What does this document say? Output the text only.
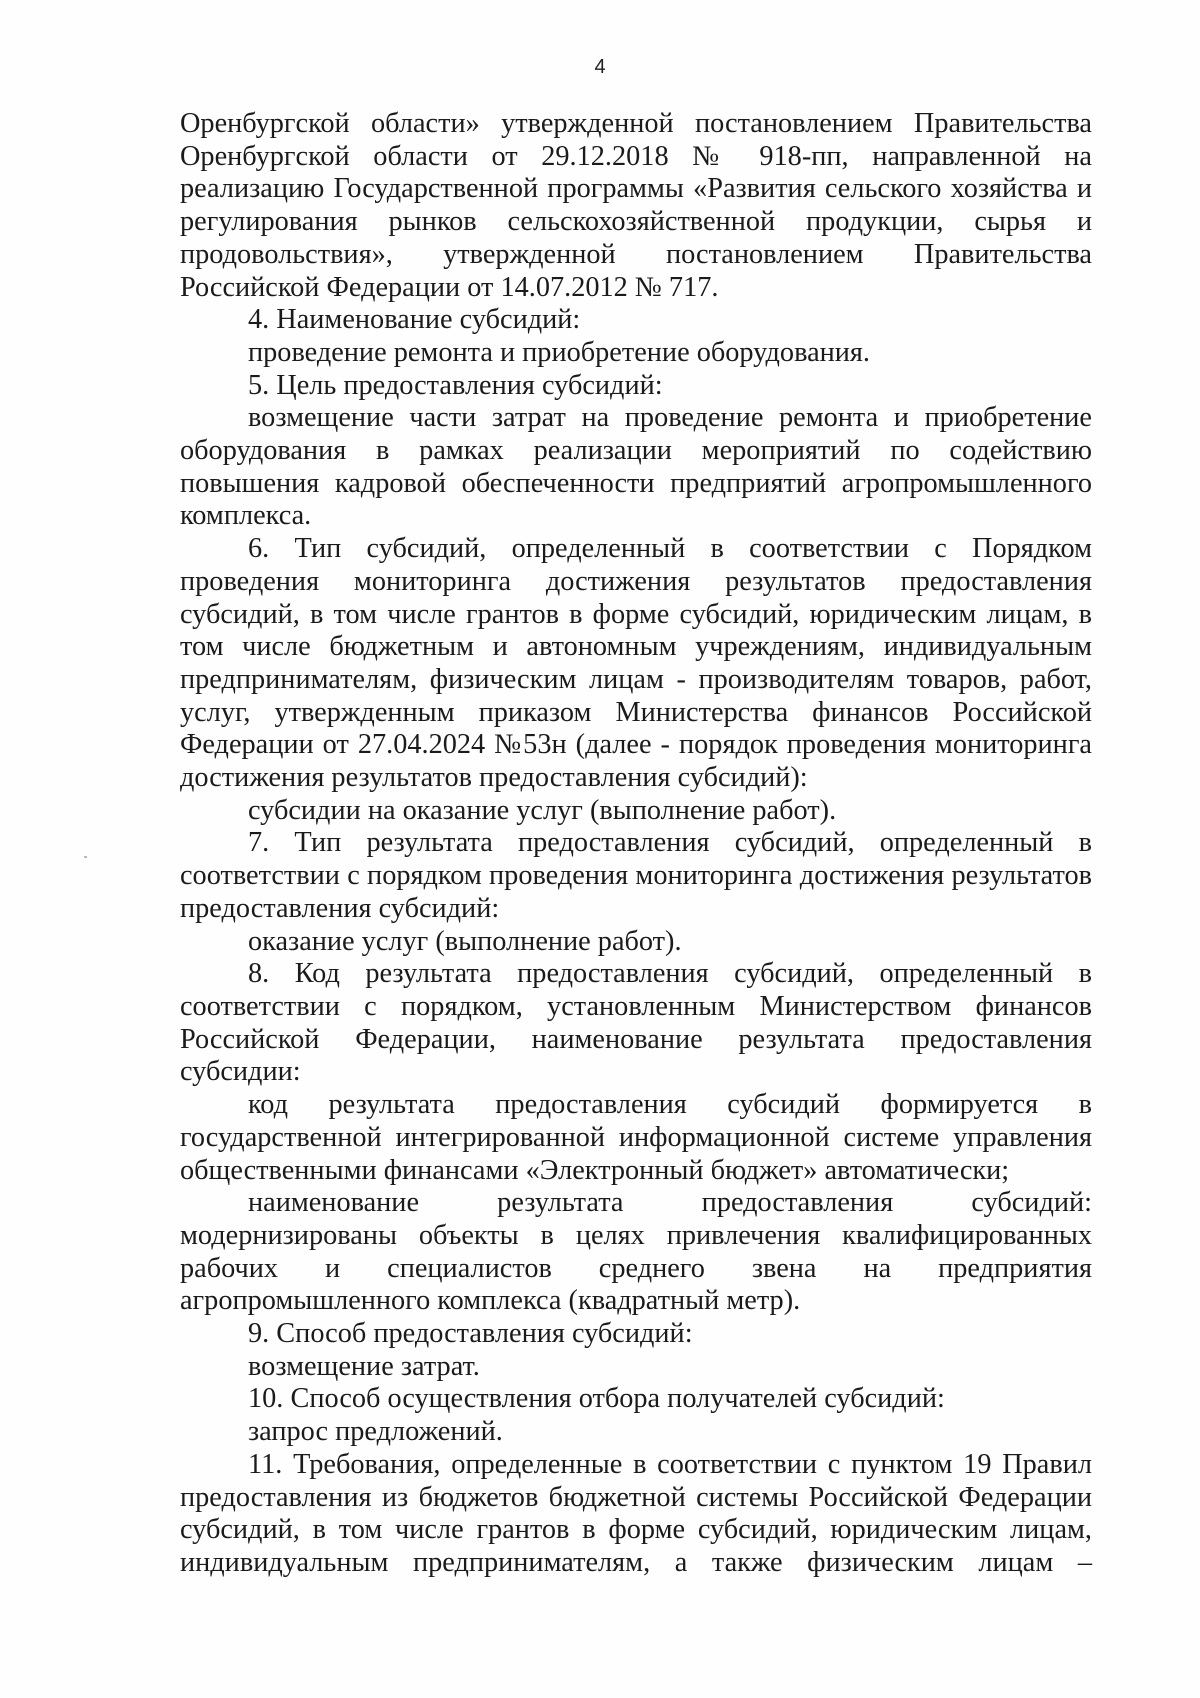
4

Оренбургской области» утвержденной постановлением Правительства Оренбургской области от 29.12.2018 № 918-пп, направленной на реализацию Государственной программы «Развития сельского хозяйства и регулирования рынков сельскохозяйственной продукции, сырья и продовольствия», утвержденной постановлением Правительства Российской Федерации от 14.07.2012 № 717.

4. Наименование субсидий:

проведение ремонта и приобретение оборудования.

5. Цель предоставления субсидий:

возмещение части затрат на проведение ремонта и приобретение оборудования в рамках реализации мероприятий по содействию повышения кадровой обеспеченности предприятий агропромышленного комплекса.

6. Тип субсидий, определенный в соответствии с Порядком проведения мониторинга достижения результатов предоставления субсидий, в том числе грантов в форме субсидий, юридическим лицам, в том числе бюджетным и автономным учреждениям, индивидуальным предпринимателям, физическим лицам - производителям товаров, работ, услуг, утвержденным приказом Министерства финансов Российской Федерации от 27.04.2024 №53н (далее - порядок проведения мониторинга достижения результатов предоставления субсидий):

субсидии на оказание услуг (выполнение работ).

7. Тип результата предоставления субсидий, определенный в соответствии с порядком проведения мониторинга достижения результатов предоставления субсидий:

оказание услуг (выполнение работ).

8. Код результата предоставления субсидий, определенный в соответствии с порядком, установленным Министерством финансов Российской Федерации, наименование результата предоставления субсидии:

код результата предоставления субсидий формируется в государственной интегрированной информационной системе управления общественными финансами «Электронный бюджет» автоматически;

наименование результата предоставления субсидий: модернизированы объекты в целях привлечения квалифицированных рабочих и специалистов среднего звена на предприятия агропромышленного комплекса (квадратный метр).

9. Способ предоставления субсидий:

возмещение затрат.

10. Способ осуществления отбора получателей субсидий:

запрос предложений.

11. Требования, определенные в соответствии с пунктом 19 Правил предоставления из бюджетов бюджетной системы Российской Федерации субсидий, в том числе грантов в форме субсидий, юридическим лицам, индивидуальным предпринимателям, а также физическим лицам –
